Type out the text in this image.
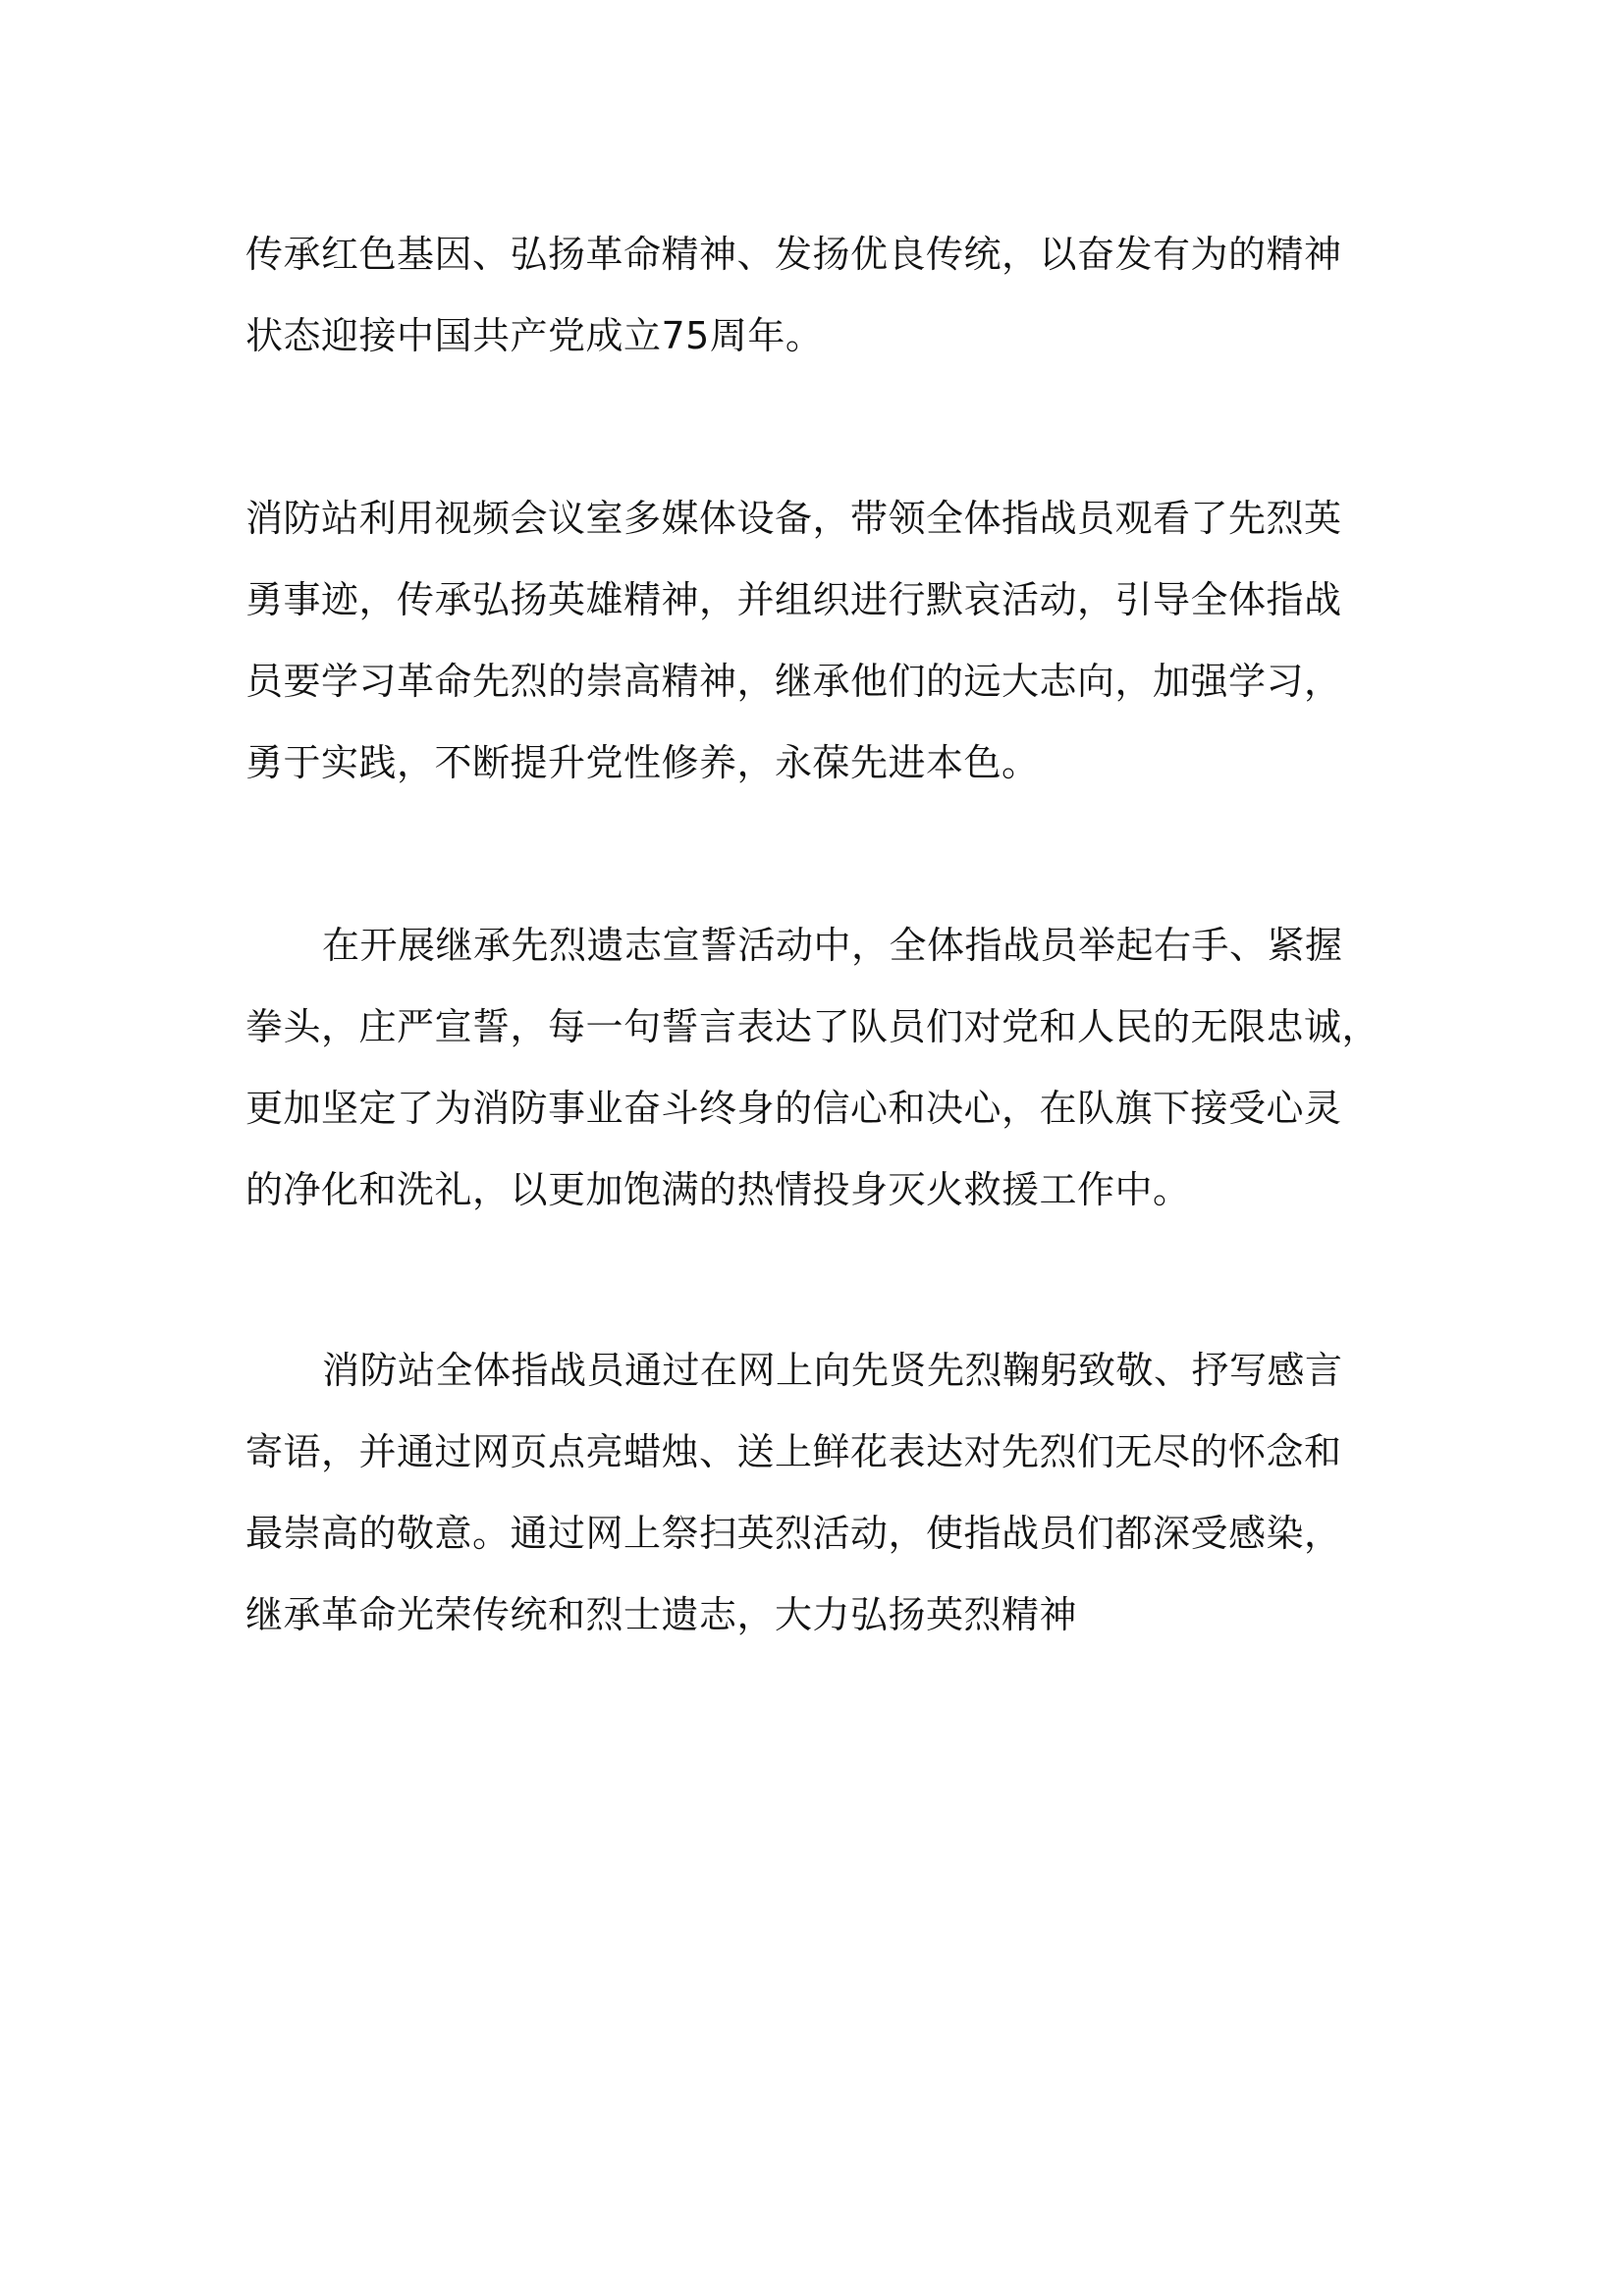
传承红色基因、弘扬革命精神、发扬优良传统，以奋发有为的精神
状态迎接中国共产党成立75周年。
消防站利用视频会议室多媒体设备，带领全体指战员观看了先烈英
勇事迹，传承弘扬英雄精神，并组织进行默哀活动，引导全体指战
员要学习革命先烈的崇高精神，继承他们的远大志向，加强学习，
勇于实践，不断提升党性修养，永葆先进本色。
在开展继承先烈遗志宣誓活动中，全体指战员举起右手、紧握
拳头，庄严宣誓，每一句誓言表达了队员们对党和人民的无限忠诚，
更加坚定了为消防事业奋斗终身的信心和决心，在队旗下接受心灵
的净化和洗礼，以更加饱满的热情投身灭火救援工作中。
消防站全体指战员通过在网上向先贤先烈鞠躬致敬、抒写感言
寄语，并通过网页点亮蜡烛、送上鲜花表达对先烈们无尽的怀念和
最崇高的敬意。通过网上祭扫英烈活动，使指战员们都深受感染，
继承革命光荣传统和烈士遗志，大力弘扬英烈精神
